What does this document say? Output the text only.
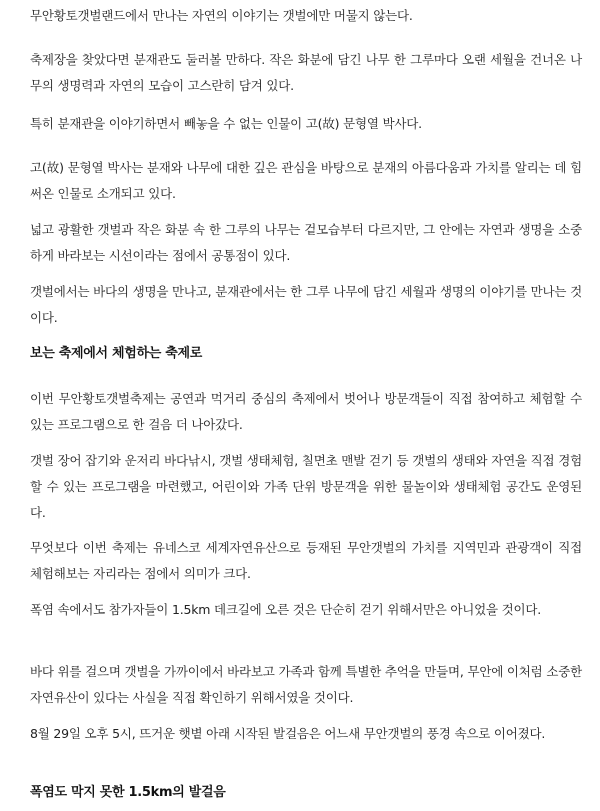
무안황토갯벌랜드에서 만나는 자연의 이야기는 갯벌에만 머물지 않는다.

축제장을 찾았다면 분재관도 둘러볼 만하다. 작은 화분에 담긴 나무 한 그루마다 오랜 세월을 건너온 나무의 생명력과 자연의 모습이 고스란히 담겨 있다.

특히 분재관을 이야기하면서 빼놓을 수 없는 인물이 고(故) 문형열 박사다.

고(故) 문형열 박사는 분재와 나무에 대한 깊은 관심을 바탕으로 분재의 아름다움과 가치를 알리는 데 힘써온 인물로 소개되고 있다.

넓고 광활한 갯벌과 작은 화분 속 한 그루의 나무는 겉모습부터 다르지만, 그 안에는 자연과 생명을 소중하게 바라보는 시선이라는 점에서 공통점이 있다.

갯벌에서는 바다의 생명을 만나고, 분재관에서는 한 그루 나무에 담긴 세월과 생명의 이야기를 만나는 것이다.

보는 축제에서 체험하는 축제로

이번 무안황토갯벌축제는 공연과 먹거리 중심의 축제에서 벗어나 방문객들이 직접 참여하고 체험할 수 있는 프로그램으로 한 걸음 더 나아갔다.

갯벌 장어 잡기와 운저리 바다낚시, 갯벌 생태체험, 칠면초 맨발 걷기 등 갯벌의 생태와 자연을 직접 경험할 수 있는 프로그램을 마련했고, 어린이와 가족 단위 방문객을 위한 물놀이와 생태체험 공간도 운영된다.

무엇보다 이번 축제는 유네스코 세계자연유산으로 등재된 무안갯벌의 가치를 지역민과 관광객이 직접 체험해보는 자리라는 점에서 의미가 크다.

폭염 속에서도 참가자들이 1.5km 데크길에 오른 것은 단순히 걷기 위해서만은 아니었을 것이다.

바다 위를 걸으며 갯벌을 가까이에서 바라보고 가족과 함께 특별한 추억을 만들며, 무안에 이처럼 소중한 자연유산이 있다는 사실을 직접 확인하기 위해서였을 것이다.

8월 29일 오후 5시, 뜨거운 햇볕 아래 시작된 발걸음은 어느새 무안갯벌의 풍경 속으로 이어졌다.

폭염도 막지 못한 1.5km의 발걸음
